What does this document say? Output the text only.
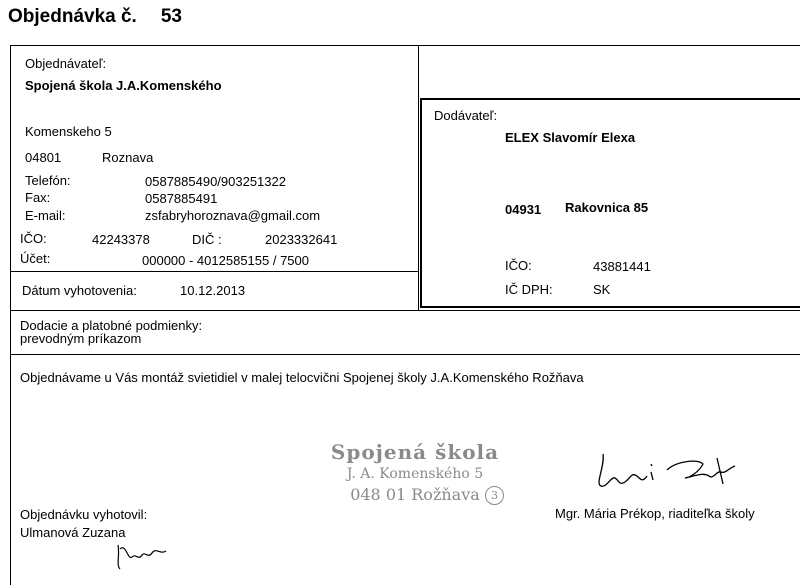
Objednávka č. 53
Objednávateľ:
Spojená škola J.A.Komenského
Komenskeho 5
04801	Roznava
Telefón:	0587885490/903251322
Fax:	0587885491
E-mail:	zsfabryhoroznava@gmail.com
IČO:	42243378	DIČ :	2023332641
Účet:	000000 - 4012585155 / 7500
Dátum vyhotovenia:	10.12.2013
Dodávateľ:
ELEX Slavomír Elexa
04931 Rakovnica 85
IČO:	43881441
IČ DPH:	SK
Dodacie a platobné podmienky:
prevodným príkazom
Objednávame u Vás montáž svietidiel v malej telocvični Spojenej školy J.A.Komenského Rožňava
Spojená škola
J. A. Komenského 5
048 01 Rožňava	3
Objednávku vyhotovil:
Ulmanová Zuzana
Mgr. Mária Prékop, riaditeľka školy
